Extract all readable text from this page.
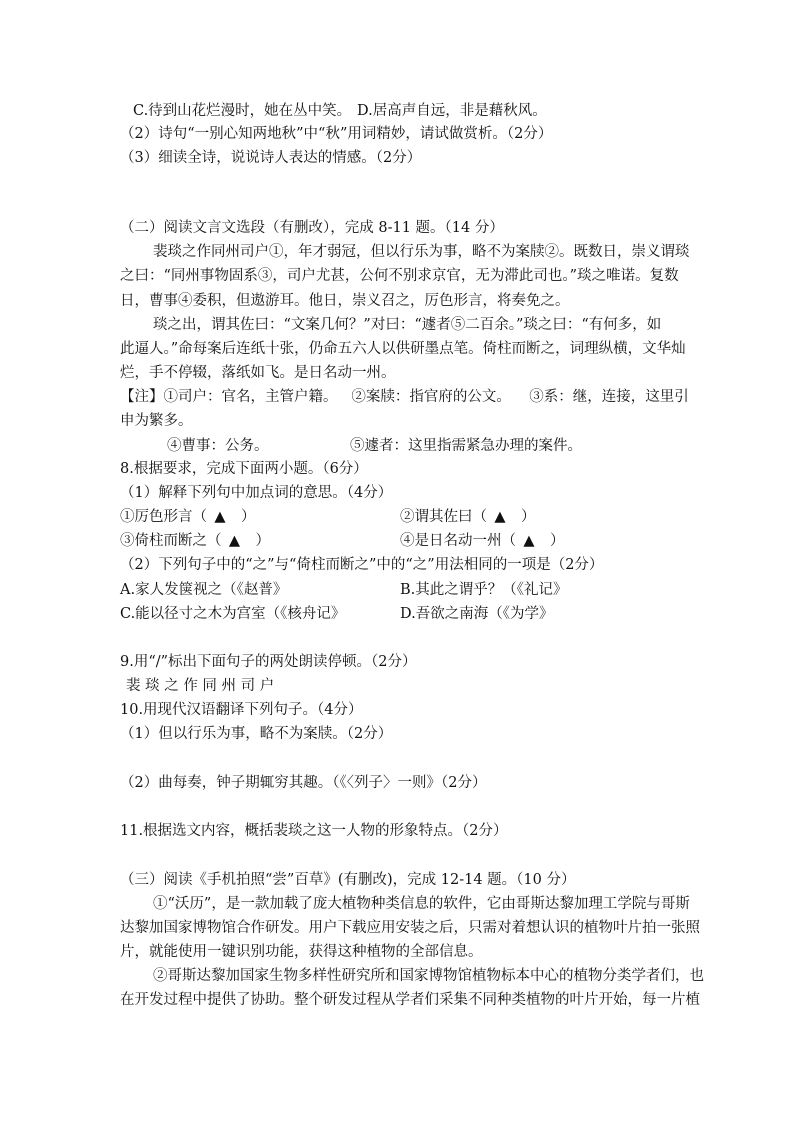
C.待到山花烂漫时，她在丛中笑。 D.居高声自远，非是藉秋风。
（2）诗句“一别心知两地秋”中“秋”用词精妙，请试做赏析。（2分）
（3）细读全诗，说说诗人表达的情感。（2分）
（二）阅读文言文选段（有删改），完成 8-11 题。（14 分）
裴琰之作同州司户①，年才弱冠，但以行乐为事，略不为案牍②。既数日，崇义谓琰
之曰：“同州事物固系③，司户尤甚，公何不别求京官，无为滞此司也。”琰之唯诺。复数
日，曹事④委积，但遨游耳。他日，崇义召之，厉色形言，将奏免之。
琰之出，谓其佐曰：“文案几何？”对曰：“遽者⑤二百余。”琰之曰：“有何多，如
此逼人。”命每案后连纸十张，仍命五六人以供研墨点笔。倚柱而断之，词理纵横，文华灿
烂，手不停辍，落纸如飞。是日名动一州。
【注】①司户：官名，主管户籍。   ②案牍：指官府的公文。    ③系：继，连接，这里引
申为繁多。
④曹事：公务。	⑤遽者：这里指需紧急办理的案件。
8.根据要求，完成下面两小题。（6分）
（1）解释下列句中加点词的意思。（4分）
①厉色形言（ ▲ ）	②谓其佐曰（ ▲ ）
③倚柱而断之（ ▲ ）	④是日名动一州（ ▲ ）
（2）下列句子中的“之”与“倚柱而断之”中的“之”用法相同的一项是（2分）
A.家人发箧视之（《赵普》	B.其此之谓乎？（《礼记》
C.能以径寸之木为宫室（《核舟记》	D.吾欲之南海（《为学》
9.用“/”标出下面句子的两处朗读停顿。（2分）
裴 琰 之 作 同 州 司 户
10.用现代汉语翻译下列句子。（4分）
（1）但以行乐为事，略不为案牍。（2分）
（2）曲每奏，钟子期辄穷其趣。（《〈列子〉一则》（2分）
11.根据选文内容，概括裴琰之这一人物的形象特点。（2分）
（三）阅读《手机拍照“尝”百草》(有删改)，完成 12-14 题。（10 分）
①“沃历”，是一款加载了庞大植物种类信息的软件，它由哥斯达黎加理工学院与哥斯
达黎加国家博物馆合作研发。用户下载应用安装之后，只需对着想认识的植物叶片拍一张照
片，就能使用一键识别功能，获得这种植物的全部信息。
②哥斯达黎加国家生物多样性研究所和国家博物馆植物标本中心的植物分类学者们，也
在开发过程中提供了协助。整个研发过程从学者们采集不同种类植物的叶片开始，每一片植
